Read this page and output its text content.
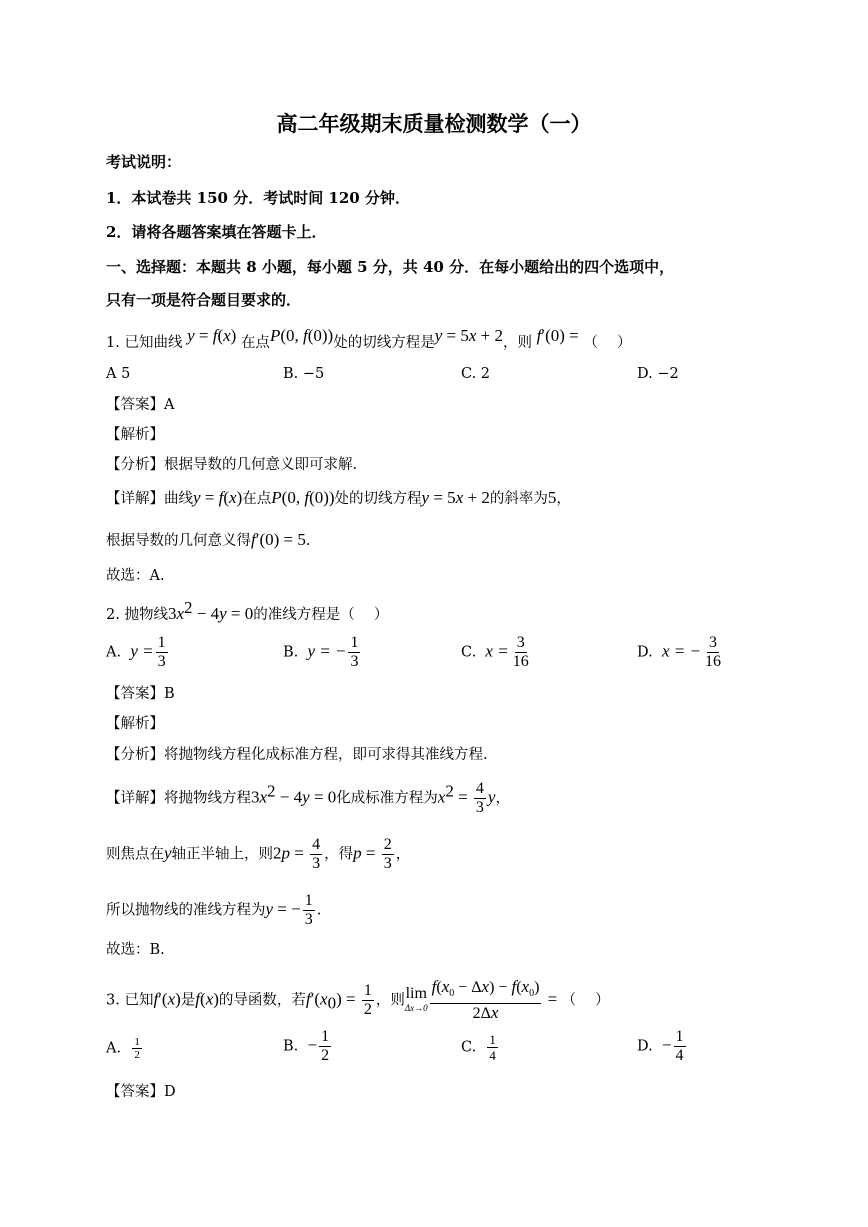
高二年级期末质量检测数学（一）
考试说明：
1．本试卷共 150 分．考试时间 120 分钟．
2．请将各题答案填在答题卡上．
一、选择题：本题共 8 小题，每小题 5 分，共 40 分．在每小题给出的四个选项中，
只有一项是符合题目要求的．
1. 已知曲线 y = f(x) 在点P(0, f(0))处的切线方程是y = 5x + 2，则 f′(0) = （　 ）
A 5	B. −5	C. 2	D. −2
【答案】A
【解析】
【分析】根据导数的几何意义即可求解.
【详解】曲线y = f(x)在点P(0, f(0))处的切线方程y = 5x + 2的斜率为5，
根据导数的几何意义得f′(0) = 5.
故选：A.
2. 抛物线$3x^2 - 4y = 0$的准线方程是（　 ）
A. $y = \frac{1}{3}$	B. y = − $\frac{1}{3}$	C. $x = \frac{3}{16}$	D. x = − $\frac{3}{16}$
【答案】B
【解析】
【分析】将抛物线方程化成标准方程，即可求得其准线方程.
【详解】将抛物线方程$3x^2 - 4y = 0$化成标准方程为$x^2 = \frac{4}{3}$ y，
则焦点在y轴正半轴上，则$2p = \frac{4}{3}$ ，得$p = \frac{2}{3}$ ，
所以抛物线的准线方程为y = − $\frac{1}{3}$ .
故选：B.
3. 已知f′(x)是f(x)的导函数，若$f'(x_0) = \frac{1}{2}$ ，则 lim
$\Delta x\to 0 \frac{f(x_0 - \Delta x) - f(x_0)}{2\Delta x}$ = （　 ）
A. $\frac{1}{2}$	B. − $\frac{1}{2}$	C. $\frac{1}{4}$	D. − $\frac{1}{4}$
【答案】D
